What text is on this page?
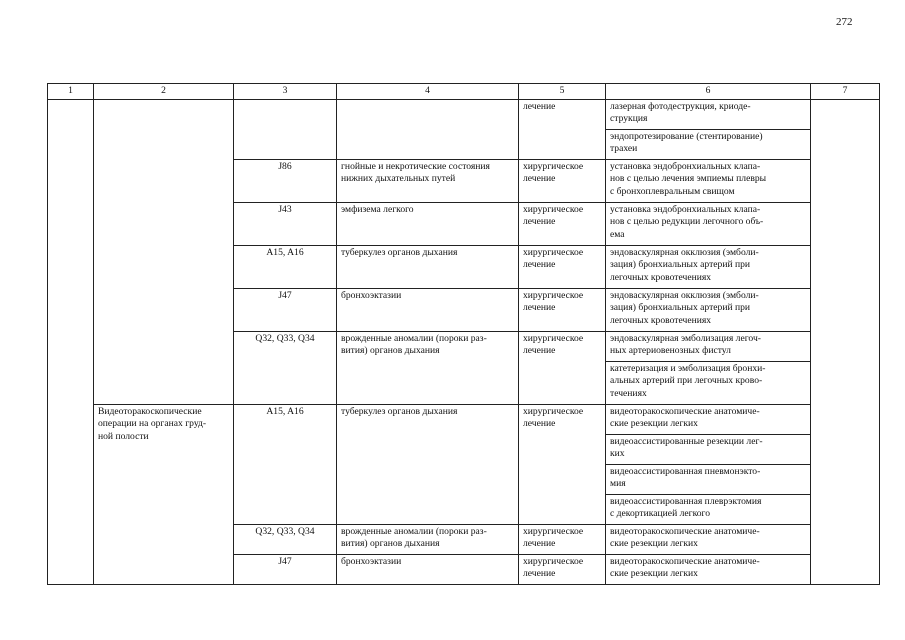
272
1	2	3	4	5	6	7
				лечение	лазерная фотодеструкция, криоде-
струкция	
					эндопротезирование (стентирование)
трахеи	
		J86	гнойные и некротические состояния
нижних дыхательных путей	хирургическое
лечение	установка эндобронхиальных клапа-
нов с целью лечения эмпиемы плевры
с бронхоплевральным свищом	
		J43	эмфизема легкого	хирургическое
лечение	установка эндобронхиальных клапа-
нов с целью редукции легочного объ-
ема	
		A15, A16	туберкулез органов дыхания	хирургическое
лечение	эндоваскулярная окклюзия (эмболи-
зация) бронхиальных артерий при
легочных кровотечениях	
		J47	бронхоэктазии	хирургическое
лечение	эндоваскулярная окклюзия (эмболи-
зация) бронхиальных артерий при
легочных кровотечениях	
		Q32, Q33, Q34	врожденные аномалии (пороки раз-
вития) органов дыхания	хирургическое
лечение	эндоваскулярная эмболизация легоч-
ных артериовенозных фистул	
					катетеризация и эмболизация бронхи-
альных артерий при легочных крово-
течениях	
	Видеоторакоскопические
операции на органах груд-
ной полости	A15, A16	туберкулез органов дыхания	хирургическое
лечение	видеоторакоскопические анатомиче-
ские резекции легких	
					видеоассистированные резекции лег-
ких	
					видеоассистированная пневмонэкто-
мия	
					видеоассистированная плеврэктомия
с декортикацией легкого	
		Q32, Q33, Q34	врожденные аномалии (пороки раз-
вития) органов дыхания	хирургическое
лечение	видеоторакоскопические анатомиче-
ские резекции легких	
		J47	бронхоэктазии	хирургическое
лечение	видеоторакоскопические анатомиче-
ские резекции легких	
